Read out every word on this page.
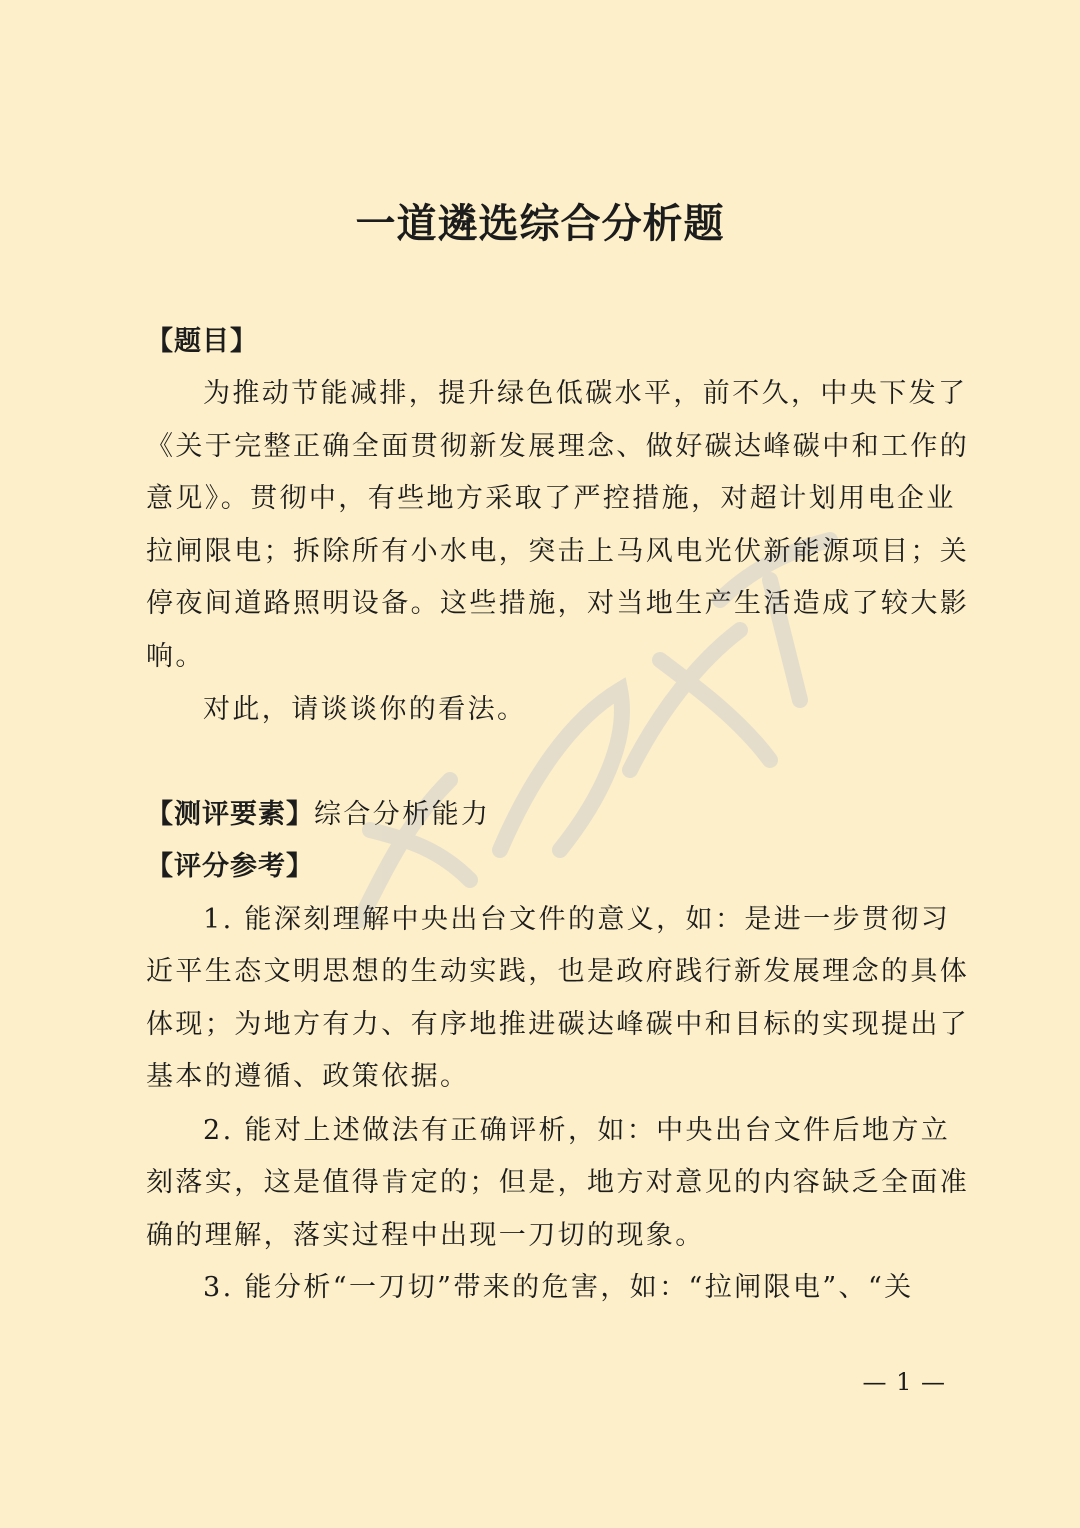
一道遴选综合分析题
【题目】
为推动节能减排，提升绿色低碳水平，前不久，中央下发了
《关于完整正确全面贯彻新发展理念、做好碳达峰碳中和工作的
意见》。贯彻中，有些地方采取了严控措施，对超计划用电企业
拉闸限电；拆除所有小水电，突击上马风电光伏新能源项目；关
停夜间道路照明设备。这些措施，对当地生产生活造成了较大影
响。
对此，请谈谈你的看法。
【测评要素】综合分析能力
【评分参考】
1. 能深刻理解中央出台文件的意义，如：是进一步贯彻习
近平生态文明思想的生动实践，也是政府践行新发展理念的具体
体现；为地方有力、有序地推进碳达峰碳中和目标的实现提出了
基本的遵循、政策依据。
2. 能对上述做法有正确评析，如：中央出台文件后地方立
刻落实，这是值得肯定的；但是，地方对意见的内容缺乏全面准
确的理解，落实过程中出现一刀切的现象。
3. 能分析“一刀切”带来的危害，如：“拉闸限电”、“关
— 1 —
